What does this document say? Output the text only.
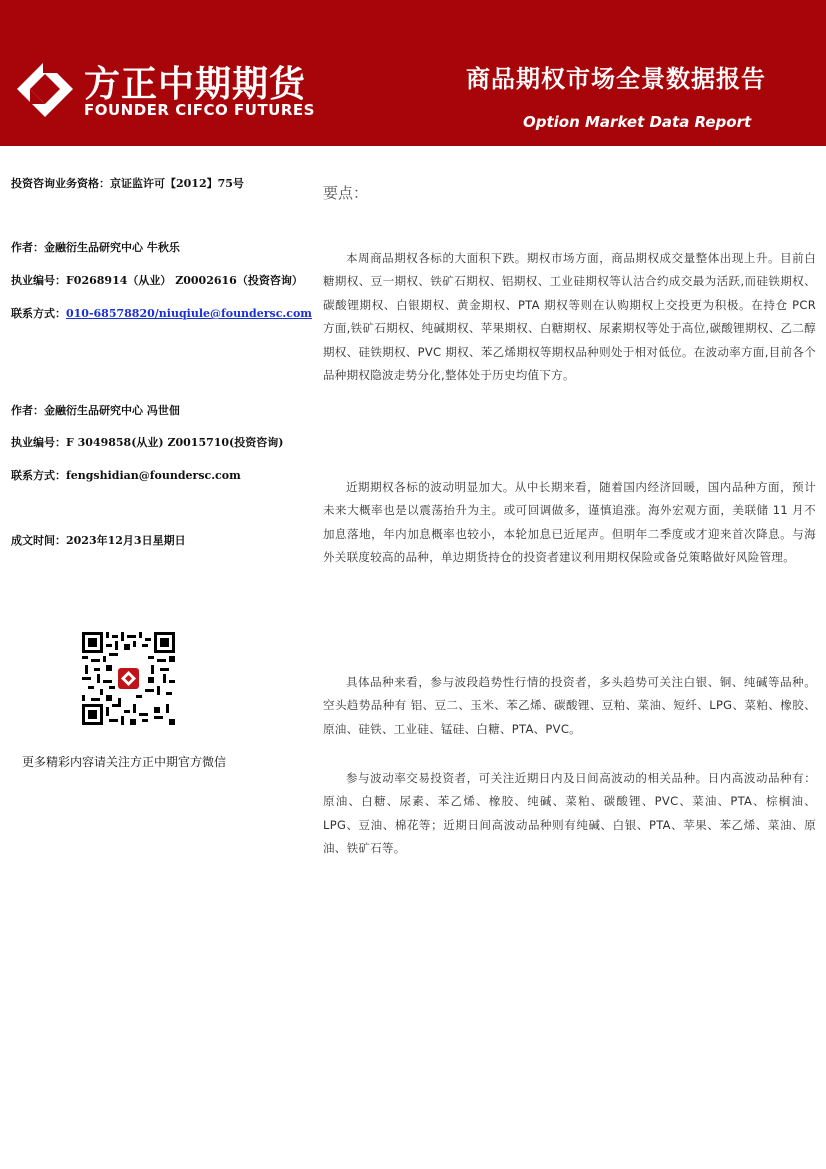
方正中期期货
FOUNDER CIFCO FUTURES
商品期权市场全景数据报告
Option Market Data Report
投资咨询业务资格：京证监许可【2012】75号
作者：金融衍生品研究中心 牛秋乐
执业编号：F0268914（从业） Z0002616（投资咨询）
联系方式：010-68578820/niuqiule@foundersc.com
作者：金融衍生品研究中心 冯世佃
执业编号：F 3049858(从业) Z0015710(投资咨询)
联系方式：fengshidian@foundersc.com
成文时间：2023年12月3日星期日
更多精彩内容请关注方正中期官方微信
要点：

本周商品期权各标的大面积下跌。期权市场方面，商品期权成交量整体出现上升。目前白糖期权、豆一期权、铁矿石期权、铝期权、工业硅期权等认沽合约成交最为活跃,而硅铁期权、碳酸锂期权、白银期权、黄金期权、PTA 期权等则在认购期权上交投更为积极。在持仓 PCR 方面,铁矿石期权、纯碱期权、苹果期权、白糖期权、尿素期权等处于高位,碳酸锂期权、乙二醇期权、硅铁期权、PVC 期权、苯乙烯期权等期权品种则处于相对低位。在波动率方面,目前各个品种期权隐波走势分化,整体处于历史均值下方。

近期期权各标的波动明显加大。从中长期来看，随着国内经济回暖，国内品种方面，预计未来大概率也是以震荡抬升为主。或可回调做多，谨慎追涨。海外宏观方面，美联储 11 月不加息落地，年内加息概率也较小，本轮加息已近尾声。但明年二季度或才迎来首次降息。与海外关联度较高的品种，单边期货持仓的投资者建议利用期权保险或备兑策略做好风险管理。

具体品种来看，参与波段趋势性行情的投资者，多头趋势可关注白银、铜、纯碱等品种。空头趋势品种有 铝、豆二、玉米、苯乙烯、碳酸锂、豆粕、菜油、短纤、LPG、菜粕、橡胶、原油、硅铁、工业硅、锰硅、白糖、PTA、PVC。

参与波动率交易投资者，可关注近期日内及日间高波动的相关品种。日内高波动品种有：原油、白糖、尿素、苯乙烯、橡胶、纯碱、菜粕、碳酸锂、PVC、菜油、PTA、棕榈油、LPG、豆油、棉花等；近期日间高波动品种则有纯碱、白银、PTA、苹果、苯乙烯、菜油、原油、铁矿石等。
